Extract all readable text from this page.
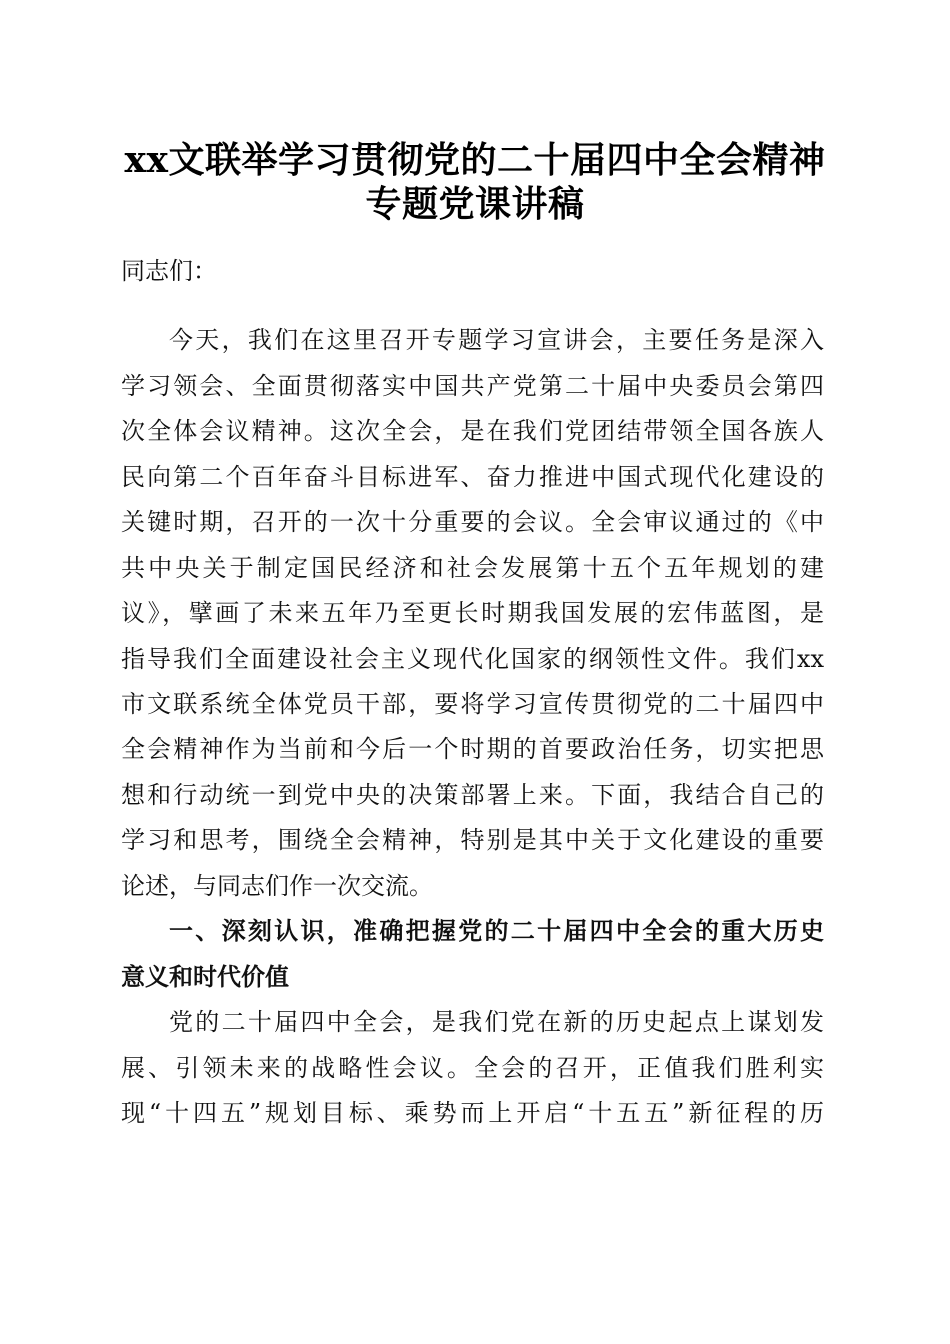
xx文联举学习贯彻党的二十届四中全会精神
专题党课讲稿
同志们：
今天，我们在这里召开专题学习宣讲会，主要任务是深入
学习领会、全面贯彻落实中国共产党第二十届中央委员会第四
次全体会议精神。这次全会，是在我们党团结带领全国各族人
民向第二个百年奋斗目标进军、奋力推进中国式现代化建设的
关键时期，召开的一次十分重要的会议。全会审议通过的《中
共中央关于制定国民经济和社会发展第十五个五年规划的建
议》，擘画了未来五年乃至更长时期我国发展的宏伟蓝图，是
指导我们全面建设社会主义现代化国家的纲领性文件。我们xx
市文联系统全体党员干部，要将学习宣传贯彻党的二十届四中
全会精神作为当前和今后一个时期的首要政治任务，切实把思
想和行动统一到党中央的决策部署上来。下面，我结合自己的
学习和思考，围绕全会精神，特别是其中关于文化建设的重要
论述，与同志们作一次交流。
一、深刻认识，准确把握党的二十届四中全会的重大历史
意义和时代价值
党的二十届四中全会，是我们党在新的历史起点上谋划发
展、引领未来的战略性会议。全会的召开，正值我们胜利实
现“十四五”规划目标、乘势而上开启“十五五”新征程的历
